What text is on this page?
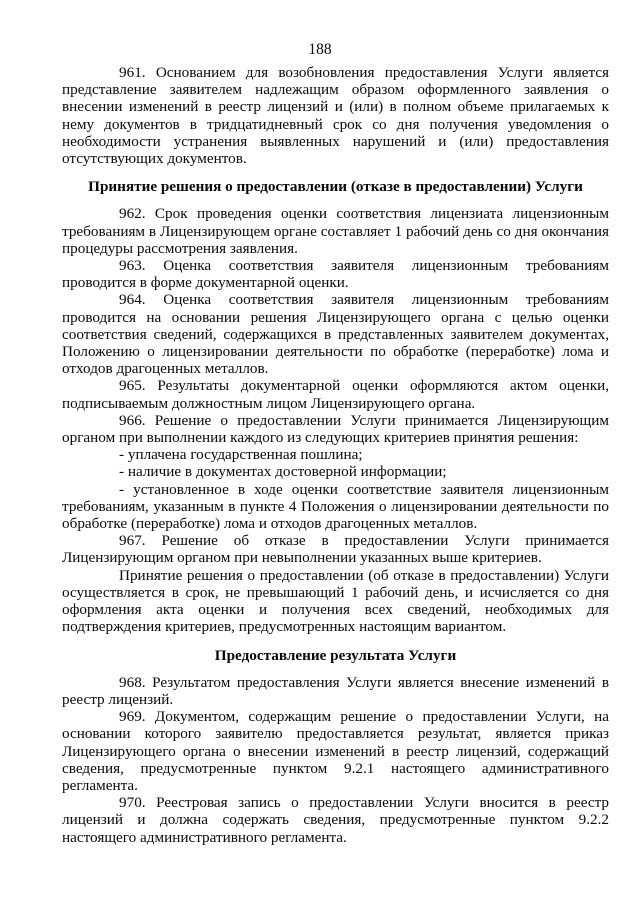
188

961. Основанием для возобновления предоставления Услуги является представление заявителем надлежащим образом оформленного заявления о внесении изменений в реестр лицензий и (или) в полном объеме прилагаемых к нему документов в тридцатидневный срок со дня получения уведомления о необходимости устранения выявленных нарушений и (или) предоставления отсутствующих документов.

Принятие решения о предоставлении (отказе в предоставлении) Услуги

962. Срок проведения оценки соответствия лицензиата лицензионным требованиям в Лицензирующем органе составляет 1 рабочий день со дня окончания процедуры рассмотрения заявления.

963. Оценка соответствия заявителя лицензионным требованиям проводится в форме документарной оценки.

964. Оценка соответствия заявителя лицензионным требованиям проводится на основании решения Лицензирующего органа с целью оценки соответствия сведений, содержащихся в представленных заявителем документах, Положению о лицензировании деятельности по обработке (переработке) лома и отходов драгоценных металлов.

965. Результаты документарной оценки оформляются актом оценки, подписываемым должностным лицом Лицензирующего органа.

966. Решение о предоставлении Услуги принимается Лицензирующим органом при выполнении каждого из следующих критериев принятия решения:

- уплачена государственная пошлина;

- наличие в документах достоверной информации;

- установленное в ходе оценки соответствие заявителя лицензионным требованиям, указанным в пункте 4 Положения о лицензировании деятельности по обработке (переработке) лома и отходов драгоценных металлов.

967. Решение об отказе в предоставлении Услуги принимается Лицензирующим органом при невыполнении указанных выше критериев.

Принятие решения о предоставлении (об отказе в предоставлении) Услуги осуществляется в срок, не превышающий 1 рабочий день, и исчисляется со дня оформления акта оценки и получения всех сведений, необходимых для подтверждения критериев, предусмотренных настоящим вариантом.

Предоставление результата Услуги

968. Результатом предоставления Услуги является внесение изменений в реестр лицензий.

969. Документом, содержащим решение о предоставлении Услуги, на основании которого заявителю предоставляется результат, является приказ Лицензирующего органа о внесении изменений в реестр лицензий, содержащий сведения, предусмотренные пунктом 9.2.1 настоящего административного регламента.

970. Реестровая запись о предоставлении Услуги вносится в реестр лицензий и должна содержать сведения, предусмотренные пунктом 9.2.2 настоящего административного регламента.
